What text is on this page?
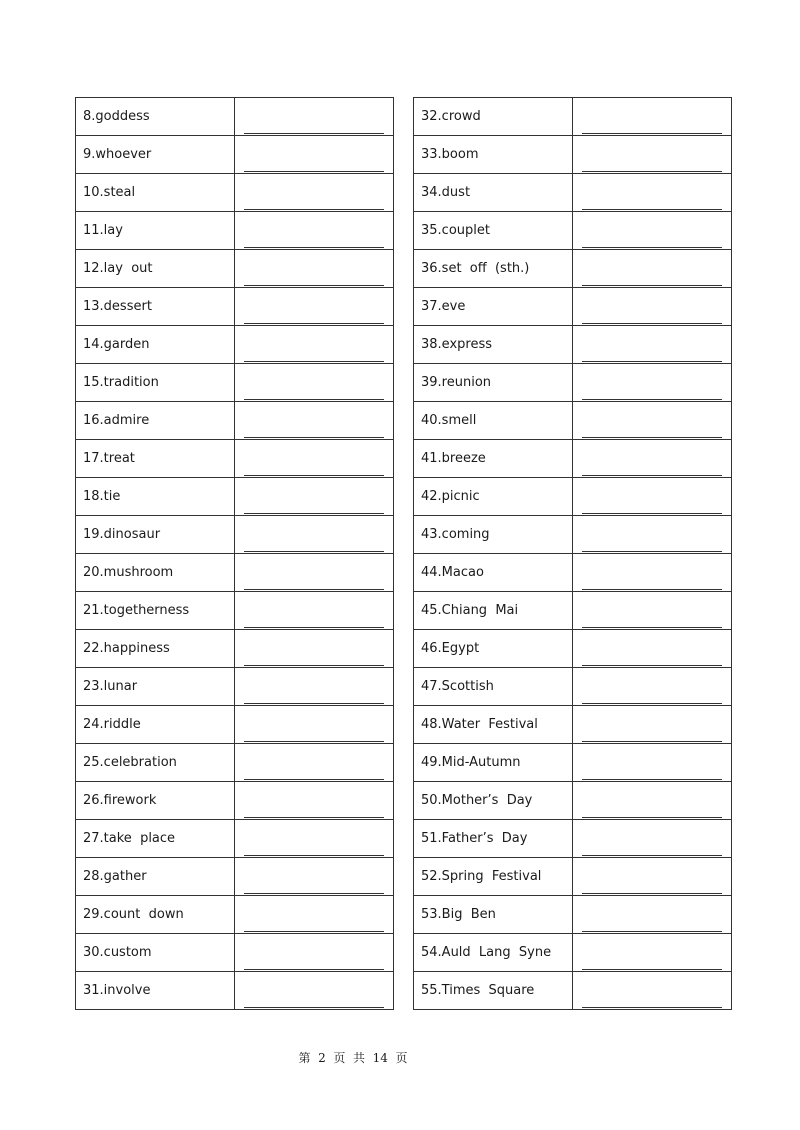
8.goddess	

9.whoever	

10.steal	

11.lay	

12.lay  out	

13.dessert	

14.garden	

15.tradition	

16.admire	

17.treat	

18.tie	

19.dinosaur	

20.mushroom	

21.togetherness	

22.happiness	

23.lunar	

24.riddle	

25.celebration	

26.firework	

27.take  place	

28.gather	

29.count  down	

30.custom	

31.involve	
32.crowd	

33.boom	

34.dust	

35.couplet	

36.set  off  (sth.)	

37.eve	

38.express	

39.reunion	

40.smell	

41.breeze	

42.picnic	

43.coming	

44.Macao	

45.Chiang  Mai	

46.Egypt	

47.Scottish	

48.Water  Festival	

49.Mid-Autumn	

50.Mother’s  Day	

51.Father’s  Day	

52.Spring  Festival	

53.Big  Ben	

54.Auld  Lang  Syne	

55.Times  Square	
第  2  页  共  14  页
